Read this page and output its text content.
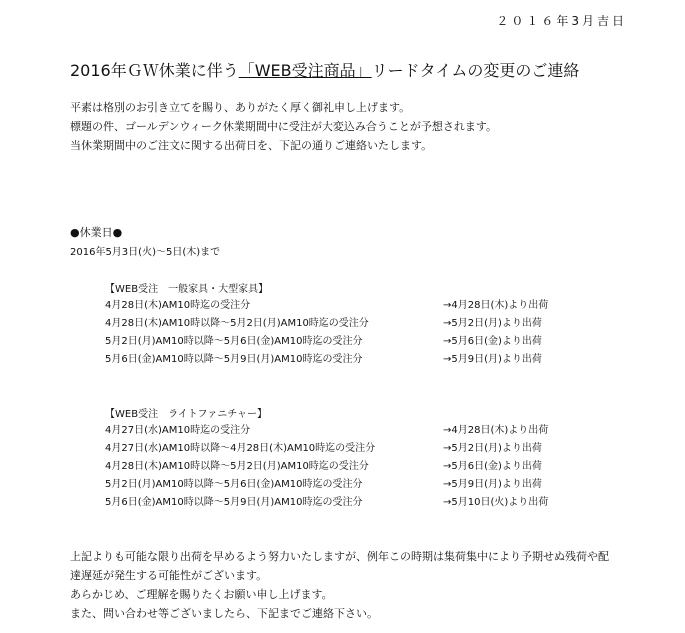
２０１６年3月吉日
2016年ＧＷ休業に伴う「WEB受注商品」リードタイムの変更のご連絡

平素は格別のお引き立てを賜り、ありがたく厚く御礼申し上げます。

標題の件、ゴールデンウィーク休業期間中に受注が大変込み合うことが予想されます。

当休業期間中のご注文に関する出荷日を、下記の通りご連絡いたします。

●休業日●
2016年5月3日(火)～5日(木)まで
【WEB受注　一般家具・大型家具】
4月28日(木)AM10時迄の受注分	→4月28日(木)より出荷
4月28日(木)AM10時以降～5月2日(月)AM10時迄の受注分	→5月2日(月)より出荷
5月2日(月)AM10時以降～5月6日(金)AM10時迄の受注分	→5月6日(金)より出荷
5月6日(金)AM10時以降～5月9日(月)AM10時迄の受注分	→5月9日(月)より出荷
【WEB受注　ライトファニチャー】
4月27日(水)AM10時迄の受注分	→4月28日(木)より出荷
4月27日(水)AM10時以降～4月28日(木)AM10時迄の受注分	→5月2日(月)より出荷
4月28日(木)AM10時以降～5月2日(月)AM10時迄の受注分	→5月6日(金)より出荷
5月2日(月)AM10時以降～5月6日(金)AM10時迄の受注分	→5月9日(月)より出荷
5月6日(金)AM10時以降～5月9日(月)AM10時迄の受注分	→5月10日(火)より出荷

上記よりも可能な限り出荷を早めるよう努力いたしますが、例年この時期は集荷集中により予期せぬ残荷や配

達遅延が発生する可能性がございます。

あらかじめ、ご理解を賜りたくお願い申し上げます。

また、問い合わせ等ございましたら、下記までご連絡下さい。
